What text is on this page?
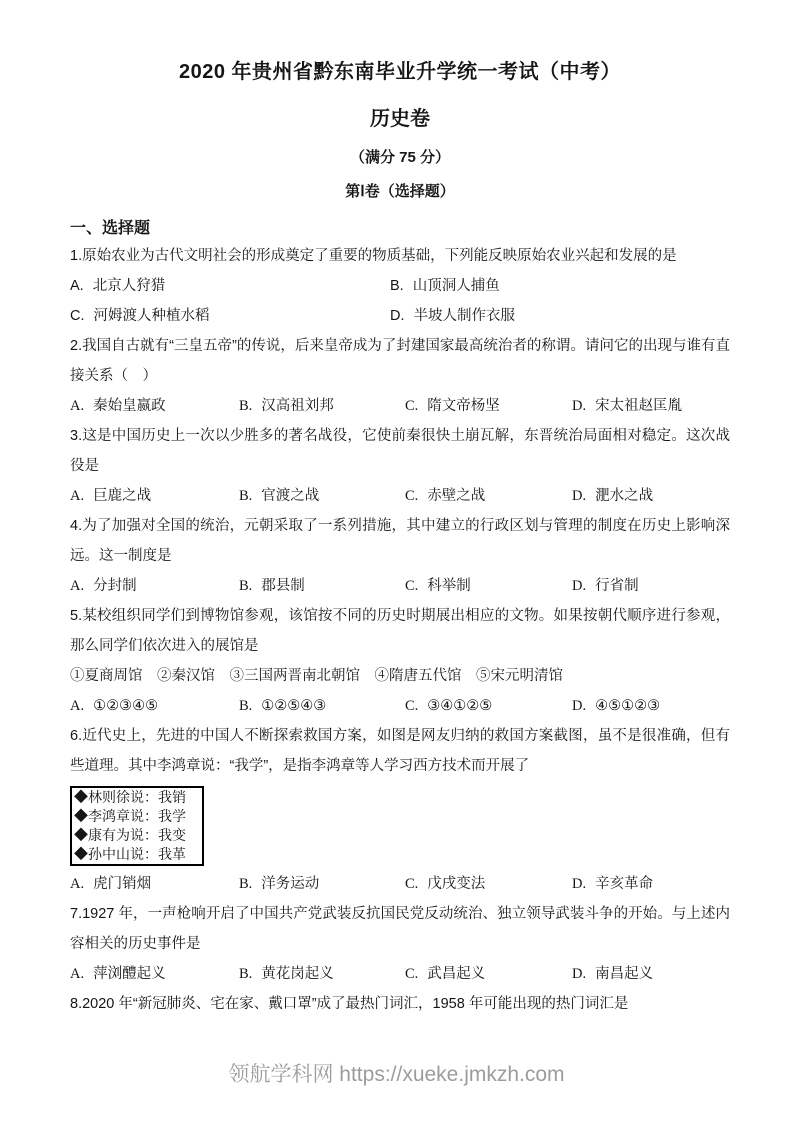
2020 年贵州省黔东南毕业升学统一考试（中考）
历史卷
（满分 75 分）
第Ⅰ卷（选择题）
一、选择题

1.原始农业为古代文明社会的形成奠定了重要的物质基础，下列能反映原始农业兴起和发展的是

A. 北京人狩猎	B. 山顶洞人捕鱼
C. 河姆渡人种植水稻	D. 半坡人制作衣服

2.我国自古就有“三皇五帝”的传说，后来皇帝成为了封建国家最高统治者的称谓。请问它的出现与谁有直接关系（　）

A. 秦始皇嬴政	B. 汉高祖刘邦	C. 隋文帝杨坚	D. 宋太祖赵匡胤

3.这是中国历史上一次以少胜多的著名战役，它使前秦很快土崩瓦解，东晋统治局面相对稳定。这次战役是

A. 巨鹿之战	B. 官渡之战	C. 赤壁之战	D. 淝水之战

4.为了加强对全国的统治，元朝采取了一系列措施，其中建立的行政区划与管理的制度在历史上影响深远。这一制度是

A. 分封制	B. 郡县制	C. 科举制	D. 行省制

5.某校组织同学们到博物馆参观，该馆按不同的历史时期展出相应的文物。如果按朝代顺序进行参观，那么同学们依次进入的展馆是

①夏商周馆　②秦汉馆　③三国两晋南北朝馆　④隋唐五代馆　⑤宋元明清馆

A. ①②③④⑤	B. ①②⑤④③	C. ③④①②⑤	D. ④⑤①②③

6.近代史上，先进的中国人不断探索救国方案，如图是网友归纳的救国方案截图，虽不是很准确，但有些道理。其中李鸿章说：“我学”，是指李鸿章等人学习西方技术而开展了

◆林则徐说：我销
◆李鸿章说：我学
◆康有为说：我变
◆孙中山说：我革
A. 虎门销烟	B. 洋务运动	C. 戊戌变法	D. 辛亥革命

7.1927 年，一声枪响开启了中国共产党武装反抗国民党反动统治、独立领导武装斗争的开始。与上述内容相关的历史事件是

A. 萍浏醴起义	B. 黄花岗起义	C. 武昌起义	D. 南昌起义

8.2020 年“新冠肺炎、宅在家、戴口罩”成了最热门词汇，1958 年可能出现的热门词汇是

领航学科网 https://xueke.jmkzh.com
